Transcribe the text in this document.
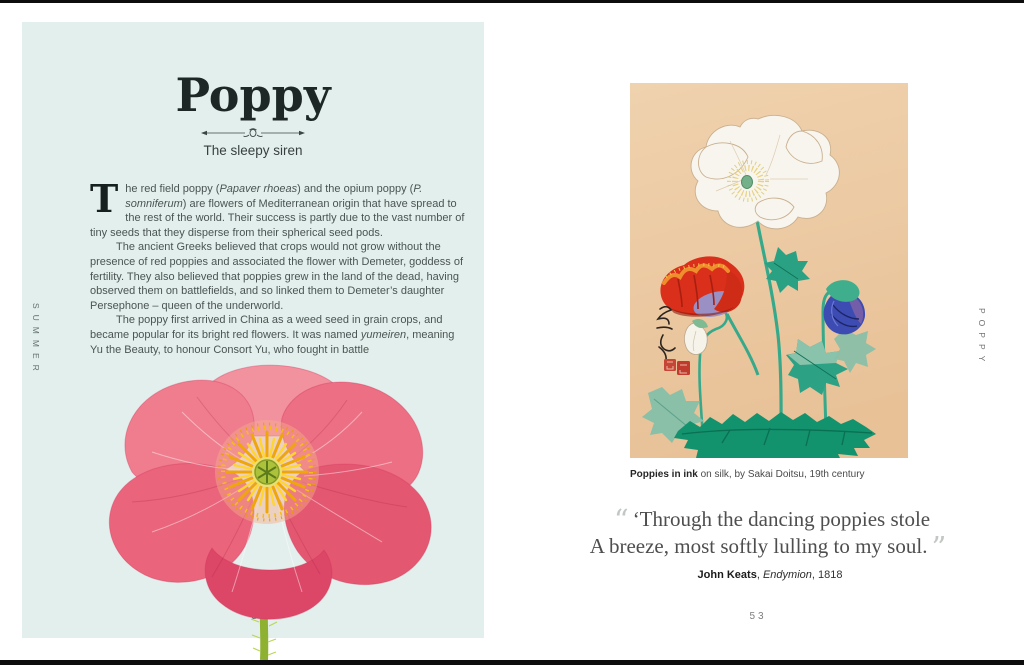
Poppy

The sleepy siren

The red field poppy (Papaver rhoeas) and the opium poppy (P. somniferum) are flowers of Mediterranean origin that have spread to the rest of the world. Their success is partly due to the vast number of tiny seeds that they disperse from their spherical seed pods.

The ancient Greeks believed that crops would not grow without the presence of red poppies and associated the flower with Demeter, goddess of fertility. They also believed that poppies grew in the land of the dead, having observed them on battlefields, and so linked them to Demeter’s daughter Persephone – queen of the underworld.

The poppy first arrived in China as a weed seed in grain crops, and became popular for its bright red flowers. It was named yumeiren, meaning Yu the Beauty, to honour Consort Yu, who fought in battle

SUMMER	POPPY
53
Poppies in ink on silk, by Sakai Doitsu, 19th century

“ ‘Through the dancing poppies stole

A breeze, most softly lulling to my soul. ”

John Keats, Endymion, 1818
